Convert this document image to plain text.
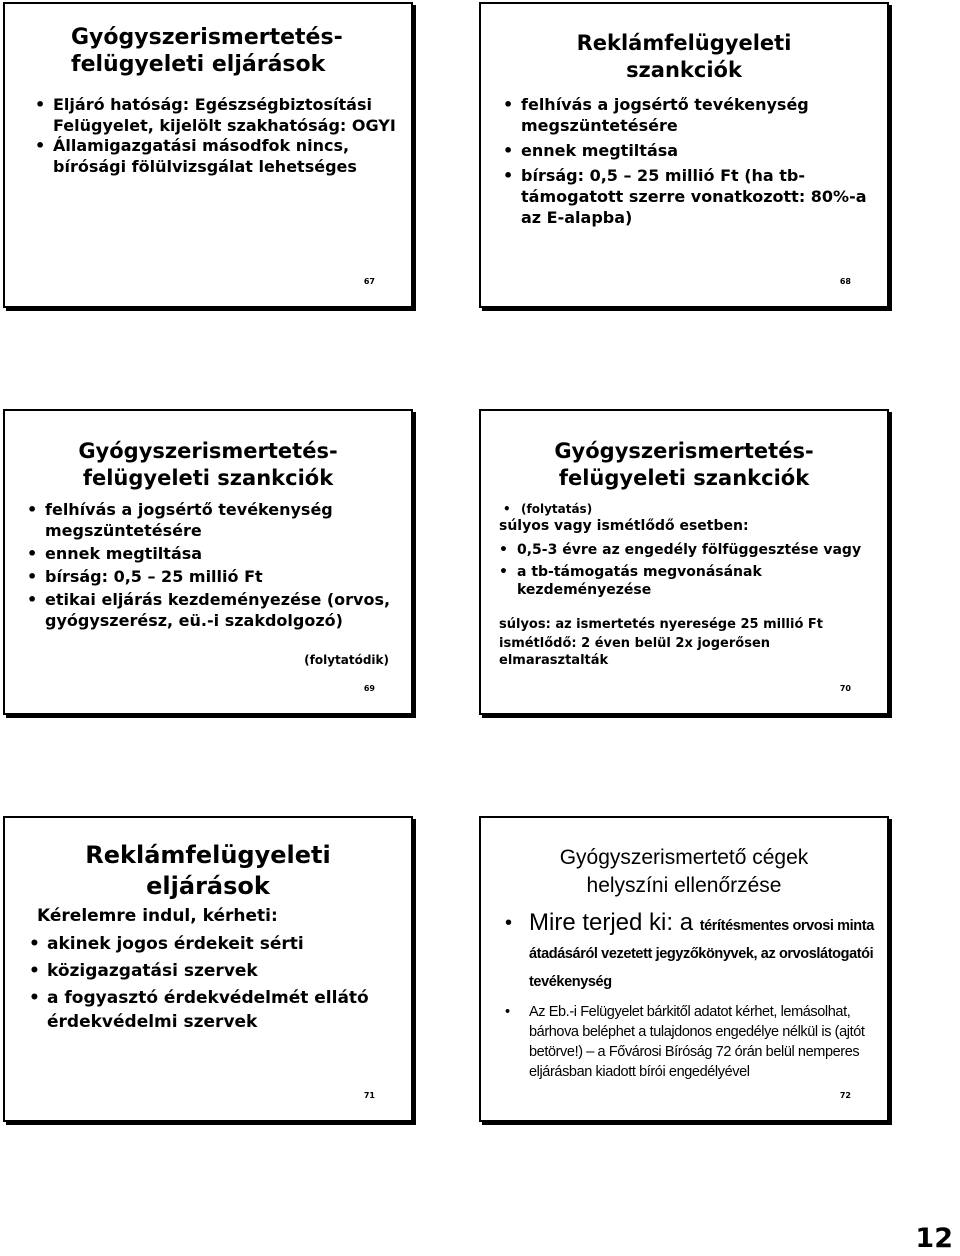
Gyógyszerismertetés-
felügyeleti eljárások
• Eljáró hatóság: Egészségbiztosítási Felügyelet, kijelölt szakhatóság: OGYI
• Államigazgatási másodfok nincs, bírósági fölülvizsgálat lehetséges
67
Reklámfelügyeleti
szankciók
• felhívás a jogsértő tevékenység megszüntetésére
• ennek megtiltása
• bírság: 0,5 – 25 millió Ft (ha tb-támogatott szerre vonatkozott: 80%-a az E-alapba)
68
Gyógyszerismertetés-
felügyeleti szankciók
• felhívás a jogsértő tevékenység megszüntetésére
• ennek megtiltása
• bírság: 0,5 – 25 millió Ft
• etikai eljárás kezdeményezése (orvos, gyógyszerész, eü.-i szakdolgozó)
(folytatódik)
69
Gyógyszerismertetés-
felügyeleti szankciók
• (folytatás)
súlyos vagy ismétlődő esetben:
• 0,5-3 évre az engedély fölfüggesztése vagy
• a tb-támogatás megvonásának kezdeményezése
súlyos: az ismertetés nyeresége 25 millió Ft
ismétlődő: 2 éven belül 2x jogerősen elmarasztalták
70
Reklámfelügyeleti
eljárások
Kérelemre indul, kérheti:
• akinek jogos érdekeit sérti
• közigazgatási szervek
• a fogyasztó érdekvédelmét ellátó érdekvédelmi szervek
71
Gyógyszerismertető cégek
helyszíni ellenőrzése
• Mire terjed ki: a térítésmentes orvosi minta átadásáról vezetett jegyzőkönyvek, az orvoslátogatói tevékenység
• Az Eb.-i Felügyelet bárkitől adatot kérhet, lemásolhat, bárhova beléphet a tulajdonos engedélye nélkül is (ajtót betörve!) – a Fővárosi Bíróság 72 órán belül nemperes eljárásban kiadott bírói engedélyével
72
12
